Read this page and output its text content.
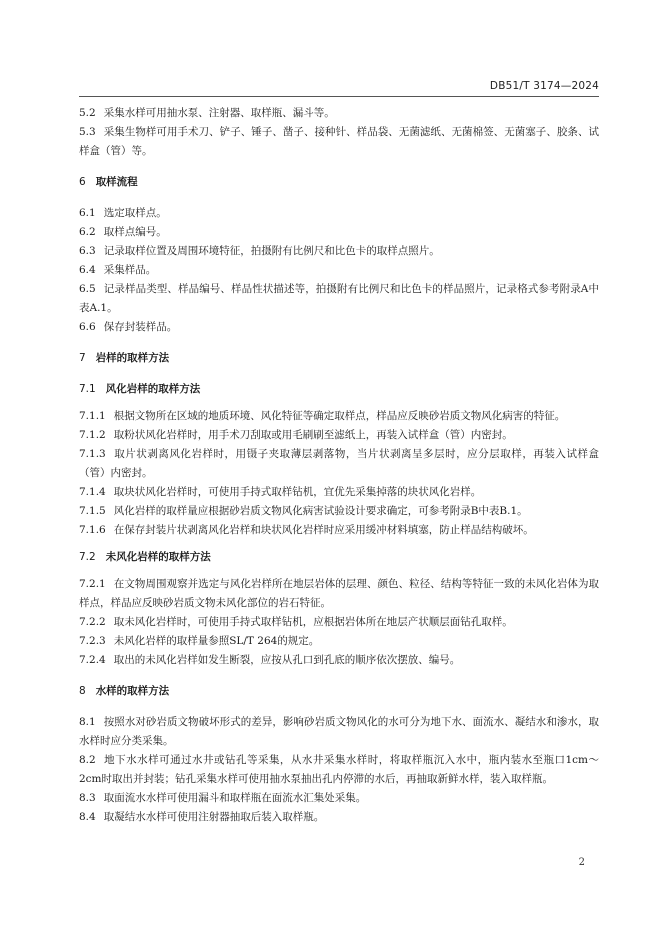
DB51/T 3174—2024
5.2 采集水样可用抽水泵、注射器、取样瓶、漏斗等。
5.3 采集生物样可用手术刀、铲子、锤子、凿子、接种针、样品袋、无菌滤纸、无菌棉签、无菌塞子、胶条、试样盒（管）等。
6 取样流程
6.1 选定取样点。
6.2 取样点编号。
6.3 记录取样位置及周围环境特征，拍摄附有比例尺和比色卡的取样点照片。
6.4 采集样品。
6.5 记录样品类型、样品编号、样品性状描述等，拍摄附有比例尺和比色卡的样品照片，记录格式参考附录A中表A.1。
6.6 保存封装样品。
7 岩样的取样方法
7.1 风化岩样的取样方法
7.1.1 根据文物所在区域的地质环境、风化特征等确定取样点，样品应反映砂岩质文物风化病害的特征。
7.1.2 取粉状风化岩样时，用手术刀刮取或用毛刷刷至滤纸上，再装入试样盒（管）内密封。
7.1.3 取片状剥离风化岩样时，用镊子夹取薄层剥落物，当片状剥离呈多层时，应分层取样，再装入试样盒（管）内密封。
7.1.4 取块状风化岩样时，可使用手持式取样钻机，宜优先采集掉落的块状风化岩样。
7.1.5 风化岩样的取样量应根据砂岩质文物风化病害试验设计要求确定，可参考附录B中表B.1。
7.1.6 在保存封装片状剥离风化岩样和块状风化岩样时应采用缓冲材料填塞，防止样品结构破坏。
7.2 未风化岩样的取样方法
7.2.1 在文物周围观察并选定与风化岩样所在地层岩体的层理、颜色、粒径、结构等特征一致的未风化岩体为取样点，样品应反映砂岩质文物未风化部位的岩石特征。
7.2.2 取未风化岩样时，可使用手持式取样钻机，应根据岩体所在地层产状顺层面钻孔取样。
7.2.3 未风化岩样的取样量参照SL/T 264的规定。
7.2.4 取出的未风化岩样如发生断裂，应按从孔口到孔底的顺序依次摆放、编号。
8 水样的取样方法
8.1 按照水对砂岩质文物破坏形式的差异，影响砂岩质文物风化的水可分为地下水、面流水、凝结水和渗水，取水样时应分类采集。
8.2 地下水水样可通过水井或钻孔等采集，从水井采集水样时，将取样瓶沉入水中，瓶内装水至瓶口1cm～2cm时取出并封装；钻孔采集水样可使用抽水泵抽出孔内停滞的水后，再抽取新鲜水样，装入取样瓶。
8.3 取面流水水样可使用漏斗和取样瓶在面流水汇集处采集。
8.4 取凝结水水样可使用注射器抽取后装入取样瓶。
2
